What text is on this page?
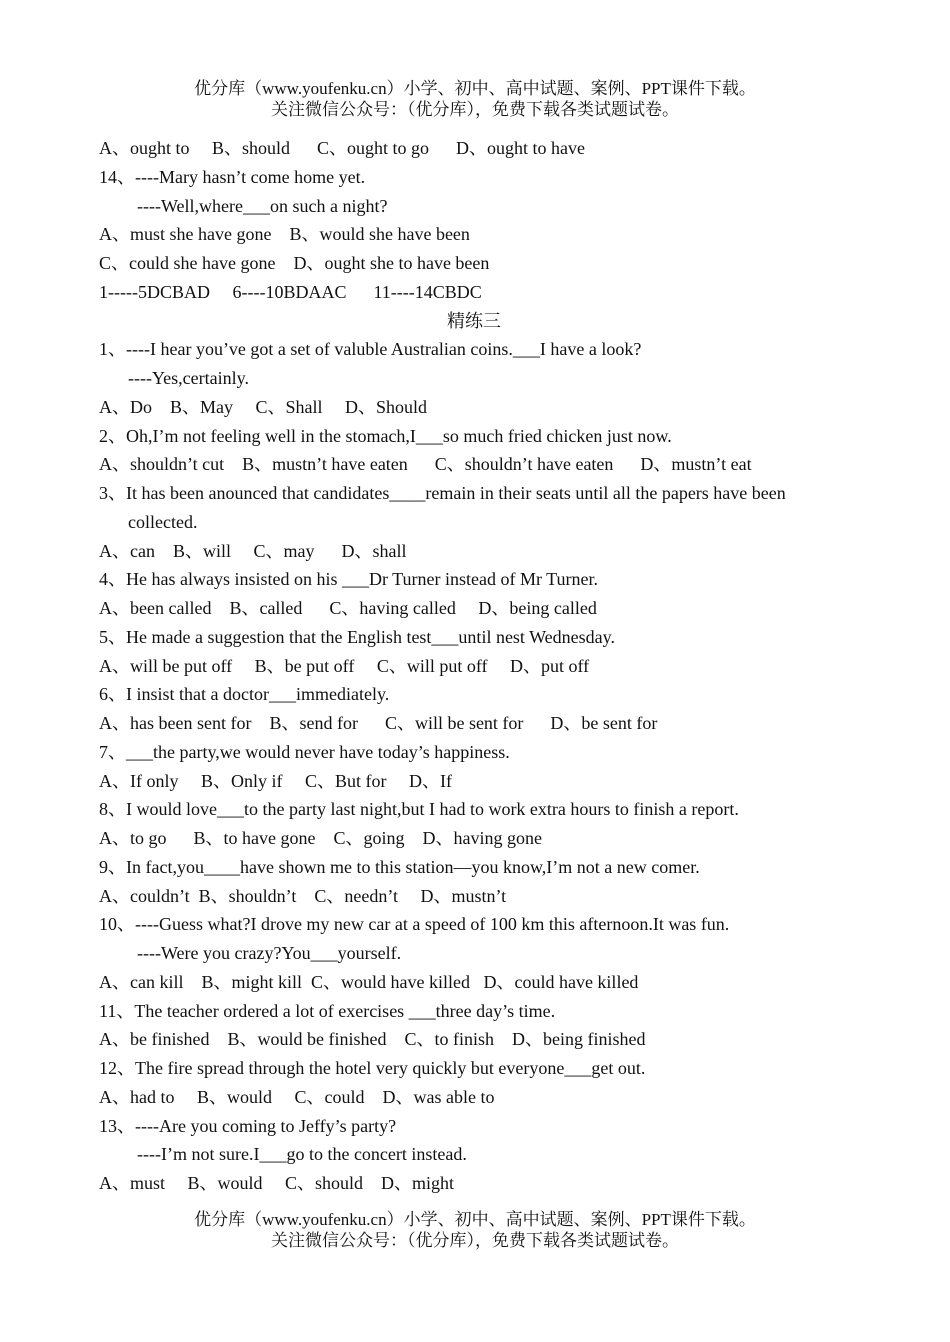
优分库（www.youfenku.cn）小学、初中、高中试题、案例、PPT课件下载。
关注微信公众号：（优分库），免费下载各类试题试卷。
A、ought to     B、should      C、ought to go      D、ought to have
14、----Mary hasn’t come home yet.
----Well,where___on such a night?
A、must she have gone    B、would she have been
C、could she have gone    D、ought she to have been
1-----5DCBAD     6----10BDAAC      11----14CBDC
精练三
1、----I hear you’ve got a set of valuble Australian coins.___I have a look?
----Yes,certainly.
A、Do    B、May     C、Shall     D、Should
2、Oh,I’m not feeling well in the stomach,I___so much fried chicken just now.
A、shouldn’t cut    B、mustn’t have eaten      C、shouldn’t have eaten      D、mustn’t eat
3、It has been anounced that candidates____remain in their seats until all the papers have been
collected.
A、can    B、will     C、may      D、shall
4、He has always insisted on his ___Dr Turner instead of Mr Turner.
A、been called    B、called      C、having called     D、being called
5、He made a suggestion that the English test___until nest Wednesday.
A、will be put off     B、be put off     C、will put off     D、put off
6、I insist that a doctor___immediately.
A、has been sent for    B、send for      C、will be sent for      D、be sent for
7、___the party,we would never have today’s happiness.
A、If only     B、Only if     C、But for     D、If
8、I would love___to the party last night,but I had to work extra hours to finish a report.
A、to go      B、to have gone    C、going    D、having gone
9、In fact,you____have shown me to this station—you know,I’m not a new comer.
A、couldn’t  B、shouldn’t    C、needn’t     D、mustn’t
10、----Guess what?I drove my new car at a speed of 100 km this afternoon.It was fun.
----Were you crazy?You___yourself.
A、can kill    B、might kill  C、would have killed   D、could have killed
11、The teacher ordered a lot of exercises ___three day’s time.
A、be finished    B、would be finished    C、to finish    D、being finished
12、The fire spread through the hotel very quickly but everyone___get out.
A、had to     B、would     C、could    D、was able to
13、----Are you coming to Jeffy’s party?
----I’m not sure.I___go to the concert instead.
A、must     B、would     C、should    D、might
优分库（www.youfenku.cn）小学、初中、高中试题、案例、PPT课件下载。
关注微信公众号：（优分库），免费下载各类试题试卷。
